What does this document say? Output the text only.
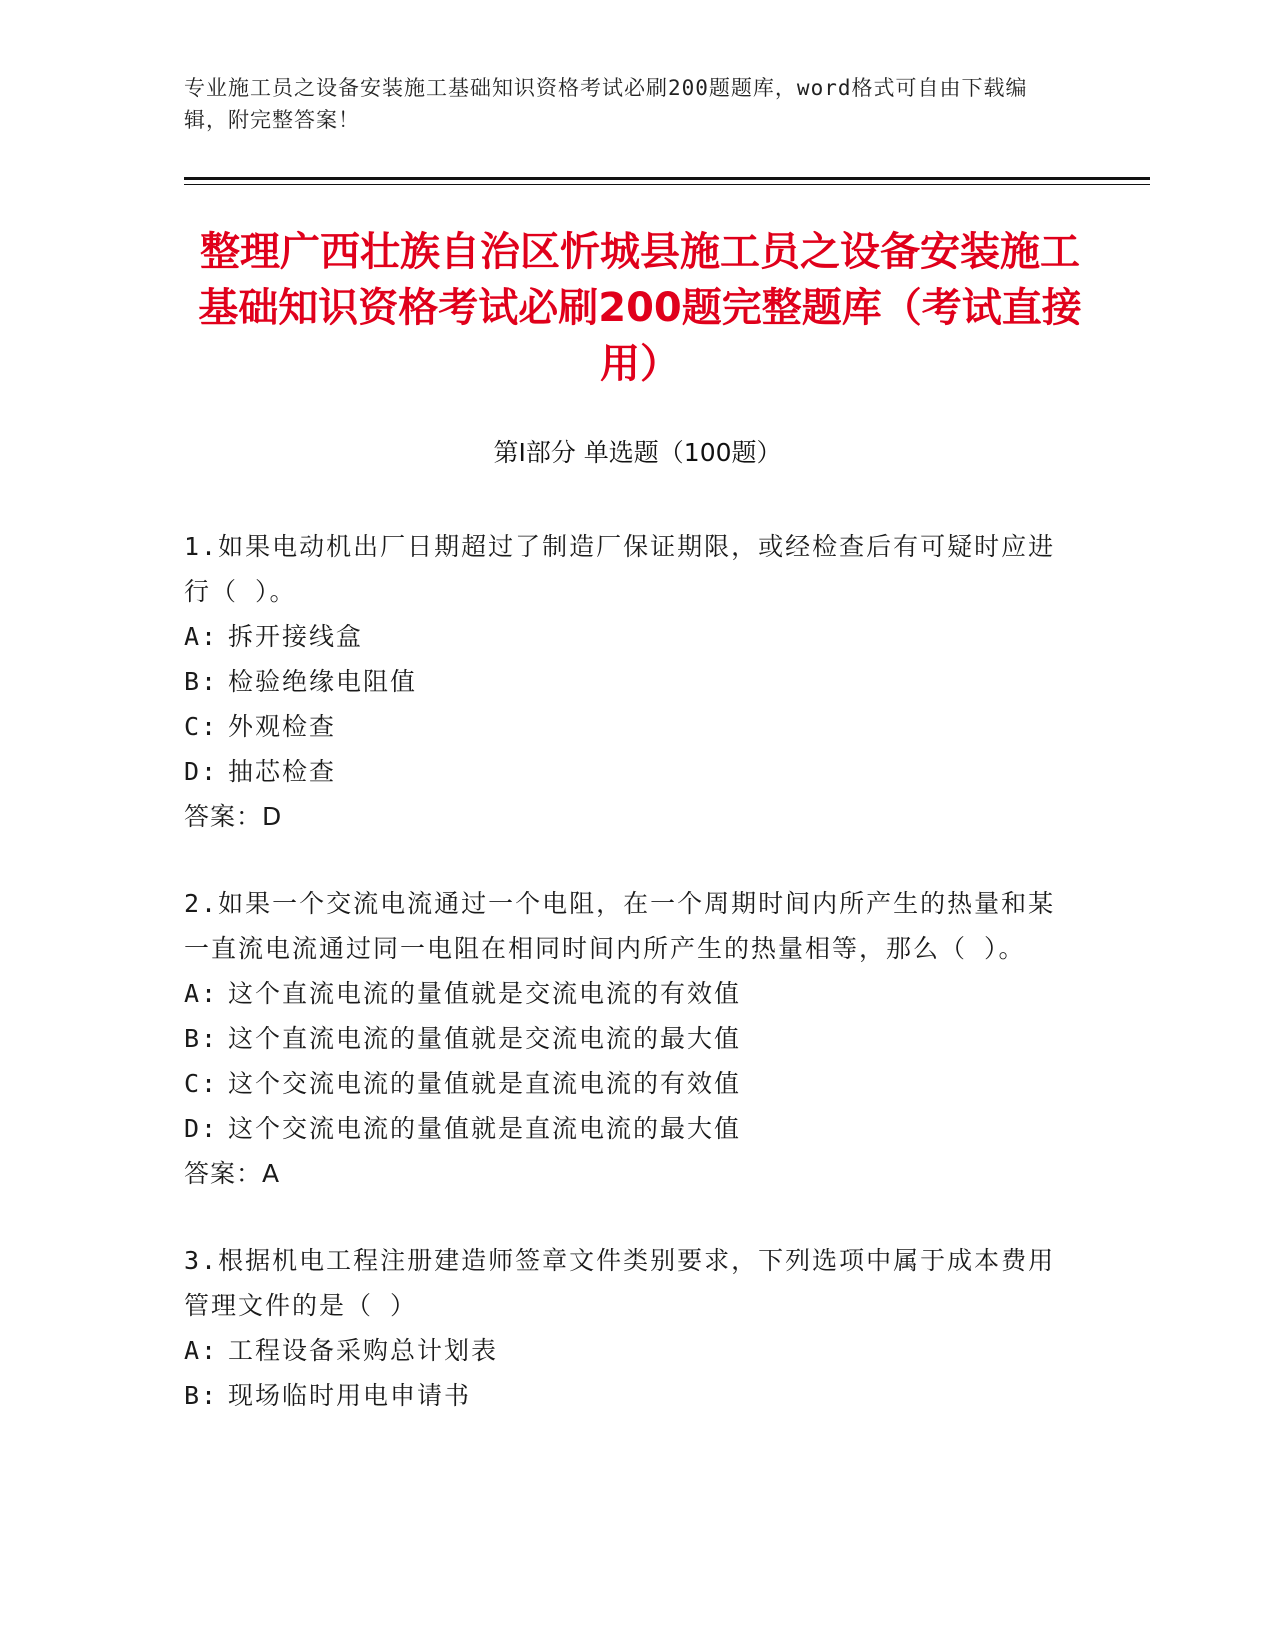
专业施工员之设备安装施工基础知识资格考试必刷200题题库，word格式可自由下载编辑，附完整答案！
整理广西壮族自治区忻城县施工员之设备安装施工基础知识资格考试必刷200题完整题库（考试直接用）
第Ⅰ部分 单选题（100题）

1.如果电动机出厂日期超过了制造厂保证期限，或经检查后有可疑时应进行（ ）。

A: 拆开接线盒

B: 检验绝缘电阻值

C: 外观检查

D: 抽芯检查

答案：D

2.如果一个交流电流通过一个电阻，在一个周期时间内所产生的热量和某一直流电流通过同一电阻在相同时间内所产生的热量相等，那么（ ）。

A: 这个直流电流的量值就是交流电流的有效值

B: 这个直流电流的量值就是交流电流的最大值

C: 这个交流电流的量值就是直流电流的有效值

D: 这个交流电流的量值就是直流电流的最大值

答案：A

3.根据机电工程注册建造师签章文件类别要求，下列选项中属于成本费用管理文件的是（ ）

A: 工程设备采购总计划表

B: 现场临时用电申请书
